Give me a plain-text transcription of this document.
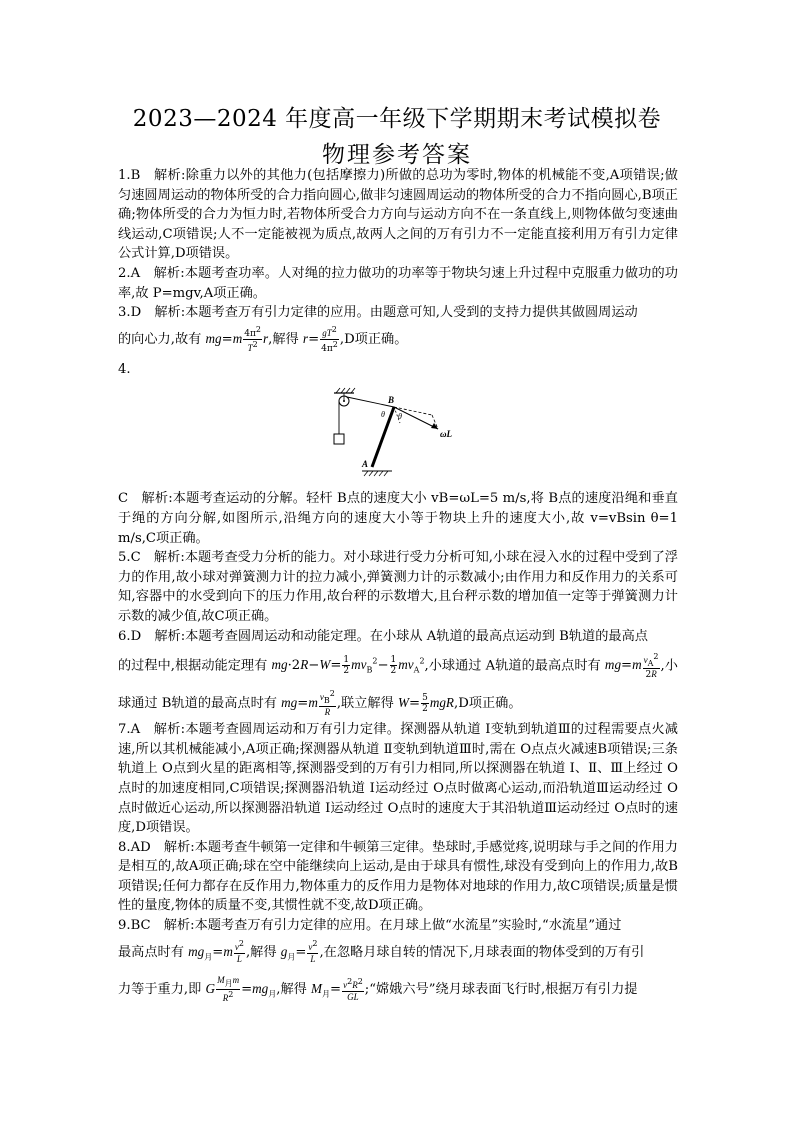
2023—2024 年度高一年级下学期期末考试模拟卷
物理参考答案

1.B　解析:除重力以外的其他力(包括摩擦力)所做的总功为零时,物体的机械能不变,A项错误;做匀速圆周运动的物体所受的合力指向圆心,做非匀速圆周运动的物体所受的合力不指向圆心,B项正确;物体所受的合力为恒力时,若物体所受合力方向与运动方向不在一条直线上,则物体做匀变速曲线运动,C项错误;人不一定能被视为质点,故两人之间的万有引力不一定能直接利用万有引力定律公式计算,D项错误。

2.A　解析:本题考查功率。人对绳的拉力做功的功率等于物块匀速上升过程中克服重力做功的功率,故 P=mgv,A项正确。

3.D　解析:本题考查万有引力定律的应用。由题意可知,人受到的支持力提供其做圆周运动
的向心力,故有 $mg=m \frac{4\pi^2}{T^2} r$,解得 $r= \frac{gT^2}{4\pi^2} ,D$项正确。

4.

B
θ θ
ωL
A

C　解析:本题考查运动的分解。轻杆 B点的速度大小 vB=ωL=5 m/s,将 B点的速度沿绳和垂直于绳的方向分解,如图所示,沿绳方向的速度大小等于物块上升的速度大小,故 v=vBsin θ=1 m/s,C项正确。

5.C　解析:本题考查受力分析的能力。对小球进行受力分析可知,小球在浸入水的过程中受到了浮力的作用,故小球对弹簧测力计的拉力减小,弹簧测力计的示数减小;由作用力和反作用力的关系可知,容器中的水受到向下的压力作用,故台秤的示数增大,且台秤示数的增加值一定等于弹簧测力计示数的减少值,故C项正确。

6.D　解析:本题考查圆周运动和动能定理。在小球从 A轨道的最高点运动到 B轨道的最高点
的过程中,根据动能定理有 $mg\cdot 2R-W= \frac{1}{2} mv_B^2- \frac{1}{2} mv_A^2$,小球通过 A轨道的最高点时有 $mg=m \frac{v_A^2}{2R}$ ,小
球通过 B轨道的最高点时有 $mg=m \frac{v_B^2}{R}$ ,联立解得 $W= \frac{5}{2} mgR,D$项正确。

7.A　解析:本题考查圆周运动和万有引力定律。探测器从轨道 Ⅰ变轨到轨道Ⅲ的过程需要点火减速,所以其机械能减小,A项正确;探测器从轨道 Ⅱ变轨到轨道Ⅲ时,需在 O点点火减速B项错误;三条轨道上 O点到火星的距离相等,探测器受到的万有引力相同,所以探测器在轨道 Ⅰ、Ⅱ、Ⅲ上经过 O点时的加速度相同,C项错误;探测器沿轨道 Ⅰ运动经过 O点时做离心运动,而沿轨道Ⅲ运动经过 O点时做近心运动,所以探测器沿轨道 Ⅰ运动经过 O点时的速度大于其沿轨道Ⅲ运动经过 O点时的速度,D项错误。

8.AD　解析:本题考查牛顿第一定律和牛顿第三定律。垫球时,手感觉疼,说明球与手之间的作用力是相互的,故A项正确;球在空中能继续向上运动,是由于球具有惯性,球没有受到向上的作用力,故B项错误;任何力都存在反作用力,物体重力的反作用力是物体对地球的作用力,故C项错误;质量是惯性的量度,物体的质量不变,其惯性就不变,故D项正确。

9.BC　解析:本题考查万有引力定律的应用。在月球上做“水流星”实验时,“水流星”通过
最高点时有 $mg_月=m \frac{v^2}{L}$ ,解得 $g_月= \frac{v^2}{L}$ ,在忽略月球自转的情况下,月球表面的物体受到的万有引
力等于重力,即 G $\frac{M_月m}{R^2} =mg_月$,解得 $M_月= \frac{v^2R^2}{GL}$ ;“嫦娥六号”绕月球表面飞行时,根据万有引力提
